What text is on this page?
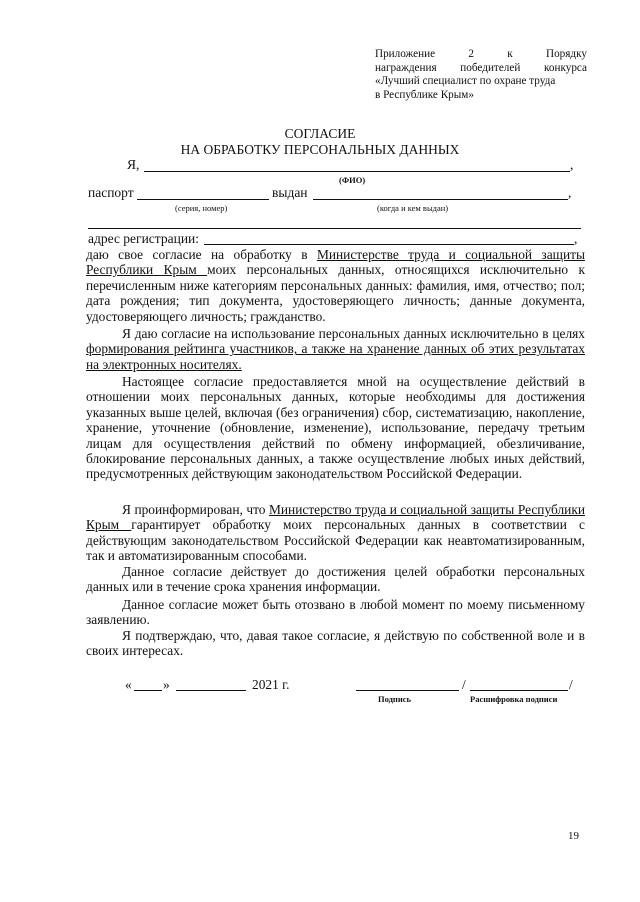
Приложение 2 к Порядку
награждения победителей конкурса
«Лучший специалист по охране труда
в Республике Крым»
СОГЛАСИЕ
НА ОБРАБОТКУ ПЕРСОНАЛЬНЫХ ДАННЫХ
Я,	,
(ФИО)
паспорт	выдан	,
(серия, номер)	(когда и кем выдан)
адрес регистрации:	,

даю свое согласие на обработку в Министерстве труда и социальной защиты Республики Крым моих персональных данных, относящихся исключительно к перечисленным ниже категориям персональных данных: фамилия, имя, отчество; пол; дата рождения; тип документа, удостоверяющего личность; данные документа, удостоверяющего личность; гражданство.

Я даю согласие на использование персональных данных исключительно в целях формирования рейтинга участников, а также на хранение данных об этих результатах на электронных носителях.

Настоящее согласие предоставляется мной на осуществление действий в отношении моих персональных данных, которые необходимы для достижения указанных выше целей, включая (без ограничения) сбор, систематизацию, накопление, хранение, уточнение (обновление, изменение), использование, передачу третьим лицам для осуществления действий по обмену информацией, обезличивание, блокирование персональных данных, а также осуществление любых иных действий, предусмотренных действующим законодательством Российской Федерации.

Я проинформирован, что Министерство труда и социальной защиты Республики Крым гарантирует обработку моих персональных данных в соответствии с действующим законодательством Российской Федерации как неавтоматизированным, так и автоматизированным способами.

Данное согласие действует до достижения целей обработки персональных данных или в течение срока хранения информации.

Данное согласие может быть отозвано в любой момент по моему письменному заявлению.

Я подтверждаю, что, давая такое согласие, я действую по собственной воле и в своих интересах.

« »	2021 г.	/	/
Подпись	Расшифровка подписи
19
